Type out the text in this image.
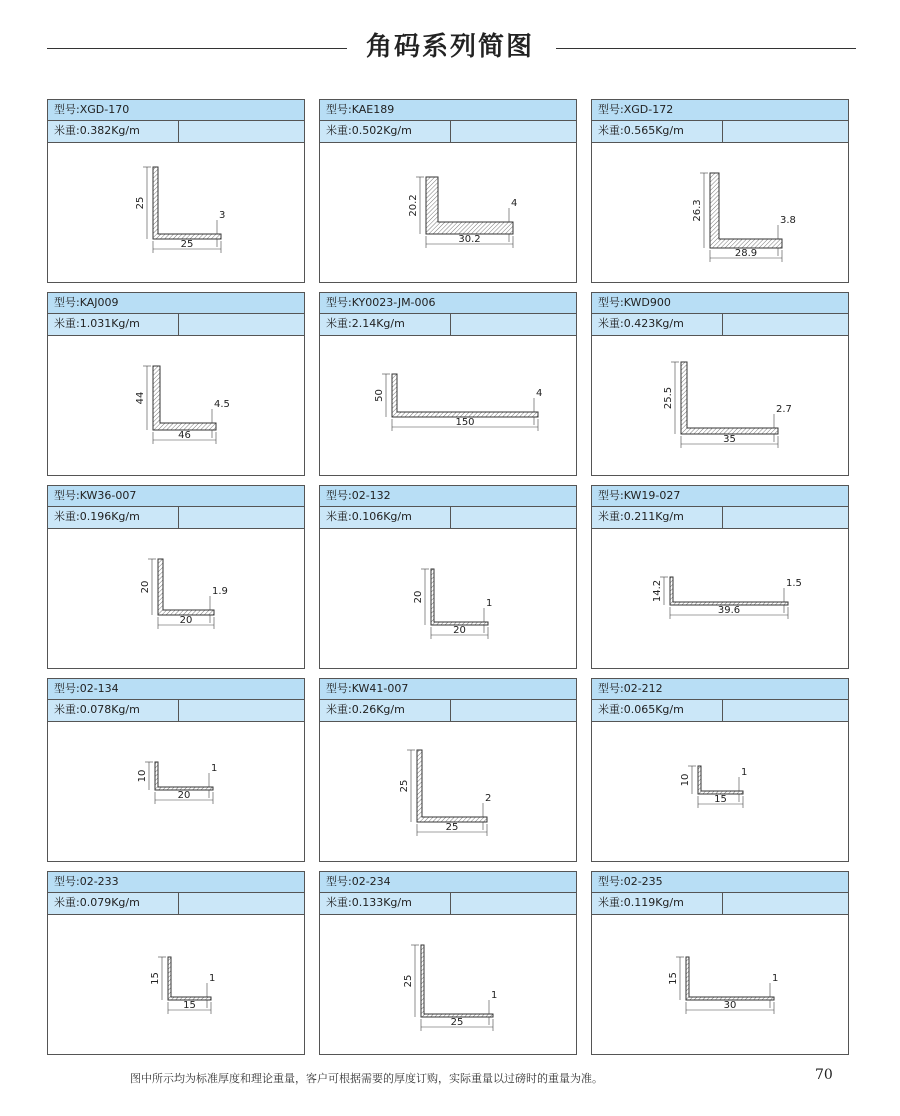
角码系列简图
型号:XGD-170
米重:0.382Kg/m
25
25
3
型号:KAE189
米重:0.502Kg/m
20.2
30.2
4
型号:XGD-172
米重:0.565Kg/m
26.3
28.9
3.8
型号:KAJ009
米重:1.031Kg/m
44
46
4.5
型号:KY0023-JM-006
米重:2.14Kg/m
50
150
4
型号:KWD900
米重:0.423Kg/m
25.5
35
2.7
型号:KW36-007
米重:0.196Kg/m
20
20
1.9
型号:02-132
米重:0.106Kg/m
20
20
1
型号:KW19-027
米重:0.211Kg/m
14.2
39.6
1.5
型号:02-134
米重:0.078Kg/m
10
20
1
型号:KW41-007
米重:0.26Kg/m
25
25
2
型号:02-212
米重:0.065Kg/m
10
15
1
型号:02-233
米重:0.079Kg/m
15
15
1
型号:02-234
米重:0.133Kg/m
25
25
1
型号:02-235
米重:0.119Kg/m
15
30
1
图中所示均为标准厚度和理论重量，客户可根据需要的厚度订购，实际重量以过磅时的重量为准。	70
